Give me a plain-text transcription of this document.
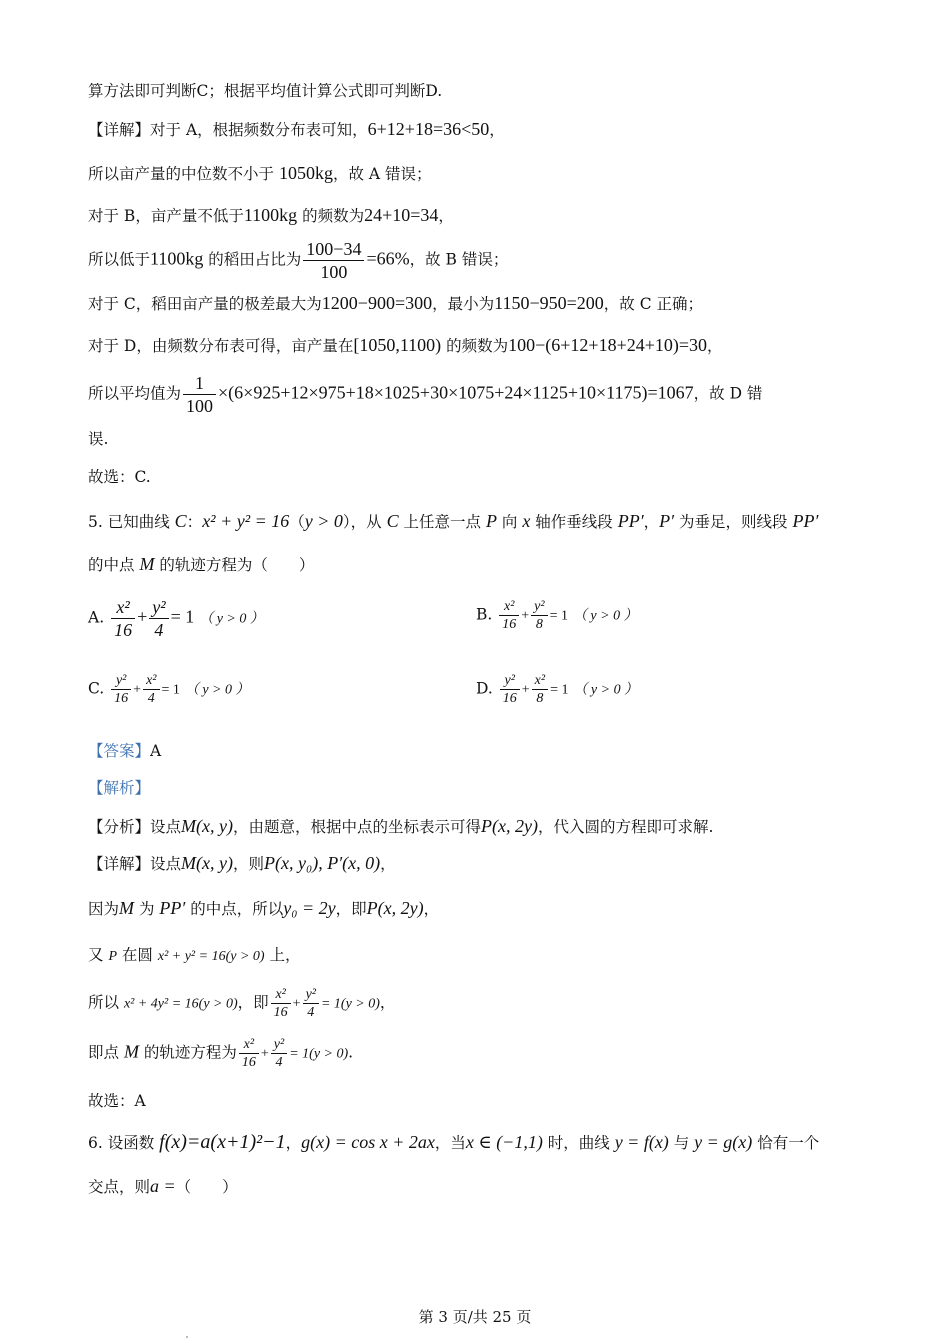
算方法即可判断C；根据平均值计算公式即可判断D.
【详解】对于 A，根据频数分布表可知，6+12+18=36<50，
所以亩产量的中位数不小于 1050kg，故 A 错误；
对于 B，亩产量不低于1100kg 的频数为24+10=34，
所以低于1100kg 的稻田占比为 $\frac{100-34}{100} =66\%$，故 B 错误；
对于 C，稻田亩产量的极差最大为1200−900=300，最小为1150−950=200，故 C 正确；
对于 D，由频数分布表可得，亩产量在[1050,1100) 的频数为100−(6+12+18+24+10)=30，
所以平均值为 $\frac{1}{100} \times(6\times 925+12\times 975+18\times 1025+30\times 1075+24\times 1125+10\times 1175)=1067$，故 D 错
误.
故选：C.
5. 已知曲线 C：x² + y² = 16（y > 0），从 C 上任意一点 P 向 x 轴作垂线段 PP′，P′ 为垂足，则线段 PP′
的中点 M 的轨迹方程为（　　）
A. $\frac{\text{x²}}{16} + \frac{\text{y²}}{4} = 1$ （ y > 0 ）	B. $\frac{\text{x²}}{16} + \frac{\text{y²}}{8} = 1$ （ y > 0 ）
C. $\frac{\text{y²}}{16} + \frac{\text{x²}}{4} = 1$ （ y > 0 ）	D. $\frac{\text{y²}}{16} + \frac{\text{x²}}{8} = 1$ （ y > 0 ）
【答案】A
【解析】
【分析】设点M(x, y)，由题意，根据中点的坐标表示可得P(x, 2y)，代入圆的方程即可求解.
【详解】设点M(x, y)，则P(x, y₀), P′(x, 0)，
因为M 为 PP′ 的中点，所以y₀ = 2y，即P(x, 2y)，
又 P 在圆 x² + y² = 16(y > 0) 上，
所以 x² + 4y² = 16(y > 0)，即 $\frac{\text{x²}}{16} + \frac{\text{y²}}{4} = 1(y > 0)$，
即点 M 的轨迹方程为 $\frac{\text{x²}}{16} + \frac{\text{y²}}{4} = 1(y > 0)$.
故选：A
6. 设函数 f(x)=a(x+1)²−1，g(x) = cos x + 2ax，当x ∈ (−1,1) 时，曲线 y = f(x) 与 y = g(x) 恰有一个
交点，则a =（　　）
第 3 页/共 25 页
